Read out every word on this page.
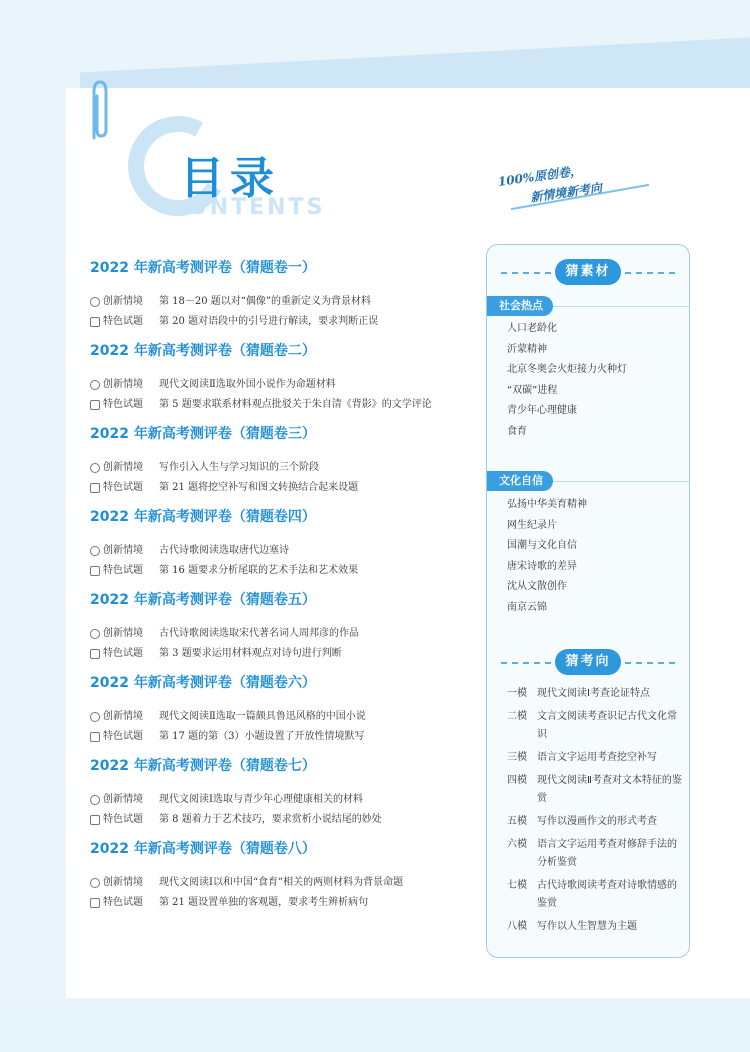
目录
ONTENTS
100%原创卷，
新情境新考向
2022 年新高考测评卷（猜题卷一）
创新情境	第 18－20 题以对“偶像”的重新定义为背景材料
特色试题	第 20 题对语段中的引号进行解读，要求判断正误
2022 年新高考测评卷（猜题卷二）
创新情境	现代文阅读Ⅱ选取外国小说作为命题材料
特色试题	第 5 题要求联系材料观点批驳关于朱自清《背影》的文学评论
2022 年新高考测评卷（猜题卷三）
创新情境	写作引入人生与学习知识的三个阶段
特色试题	第 21 题将挖空补写和图文转换结合起来设题
2022 年新高考测评卷（猜题卷四）
创新情境	古代诗歌阅读选取唐代边塞诗
特色试题	第 16 题要求分析尾联的艺术手法和艺术效果
2022 年新高考测评卷（猜题卷五）
创新情境	古代诗歌阅读选取宋代著名词人周邦彦的作品
特色试题	第 3 题要求运用材料观点对诗句进行判断
2022 年新高考测评卷（猜题卷六）
创新情境	现代文阅读Ⅱ选取一篇颇具鲁迅风格的中国小说
特色试题	第 17 题的第（3）小题设置了开放性情境默写
2022 年新高考测评卷（猜题卷七）
创新情境	现代文阅读Ⅰ选取与青少年心理健康相关的材料
特色试题	第 8 题着力于艺术技巧，要求赏析小说结尾的妙处
2022 年新高考测评卷（猜题卷八）
创新情境	现代文阅读Ⅰ以和中国“食育”相关的两则材料为背景命题
特色试题	第 21 题设置单独的客观题，要求考生辨析病句
猜素材
社会热点
人口老龄化
沂蒙精神
北京冬奥会火炬接力火种灯
“双碳”进程
青少年心理健康
食育
文化自信
弘扬中华美育精神
网生纪录片
国潮与文化自信
唐宋诗歌的差异
沈从文散创作
南京云锦
猜考向
一模	现代文阅读Ⅰ考查论证特点
二模	文言文阅读考查识记古代文化常识
三模	语言文字运用考查挖空补写
四模	现代文阅读Ⅱ考查对文本特征的鉴赏
五模	写作以漫画作文的形式考查
六模	语言文字运用考查对修辞手法的分析鉴赏
七模	古代诗歌阅读考查对诗歌情感的鉴赏
八模	写作以人生智慧为主题
